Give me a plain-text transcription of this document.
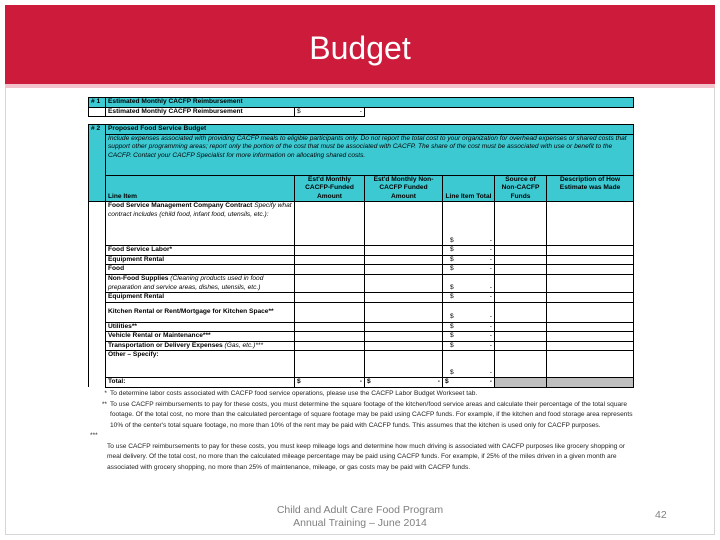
Budget
# 1	Estimated Monthly CACFP Reimbursement		
	Estimated Monthly CACFP Reimbursement	$ -	

# 2	Proposed Food Service Budget					
	Include expenses associated with providing CACFP meals to eligible participants only. Do not report the total cost to your organization for overhead expenses or shared costs that support other programming areas; report only the portion of the cost that must be associated with CACFP. The share of the cost must be associated with use or benefit to the CACFP. Contact your CACFP Specialist for more information on allocating shared costs.					
	Line Item	Est'd Monthly CACFP-Funded Amount	Est'd Monthly Non-CACFP Funded Amount	Line Item Total	Source of Non-CACFP Funds	Description of How Estimate was Made
	Food Service Management Company Contract Specify what contract includes (child food, infant food, utensils, etc.):			$ -		

	Food Service Labor*			$ -		

	Equipment Rental			$ -		

	Food			$ -		

	Non-Food Supplies (Cleaning products used in food preparation and service areas, dishes, utensils, etc.)			$ -		

	Equipment Rental			$ -		

	Kitchen Rental or Rent/Mortgage for Kitchen Space**			$ -		

	Utilities**			$ -		

	Vehicle Rental or Maintenance***			$ -		

	Transportation or Delivery Expenses (Gas, etc.)***			$ -		

	Other – Specify:			$ -		

	Total:	$ -	$ -	$ -		

* To determine labor costs associated with CACFP food service operations, please use the CACFP Labor Budget Workseet tab.
** To use CACFP reimbursements to pay for these costs, you must determine the square footage of the kitchen/food service areas and calculate their percentage of the total square footage. Of the total cost, no more than the calculated percentage of square footage may be paid using CACFP funds. For example, if the kitchen and food storage area represents 10% of the center's total square footage, no more than 10% of the rent may be paid with CACFP funds. This assumes that the kitchen is used only for CACFP purposes.
***
To use CACFP reimbursements to pay for these costs, you must keep mileage logs and determine how much driving is associated with CACFP purposes like grocery shopping or meal delivery. Of the total cost, no more than the calculated mileage percentage may be paid using CACFP funds. For example, if 25% of the miles driven in a given month are associated with grocery shopping, no more than 25% of maintenance, mileage, or gas costs may be paid with CACFP funds.
Child and Adult Care Food Program
Annual Training – June 2014
42
